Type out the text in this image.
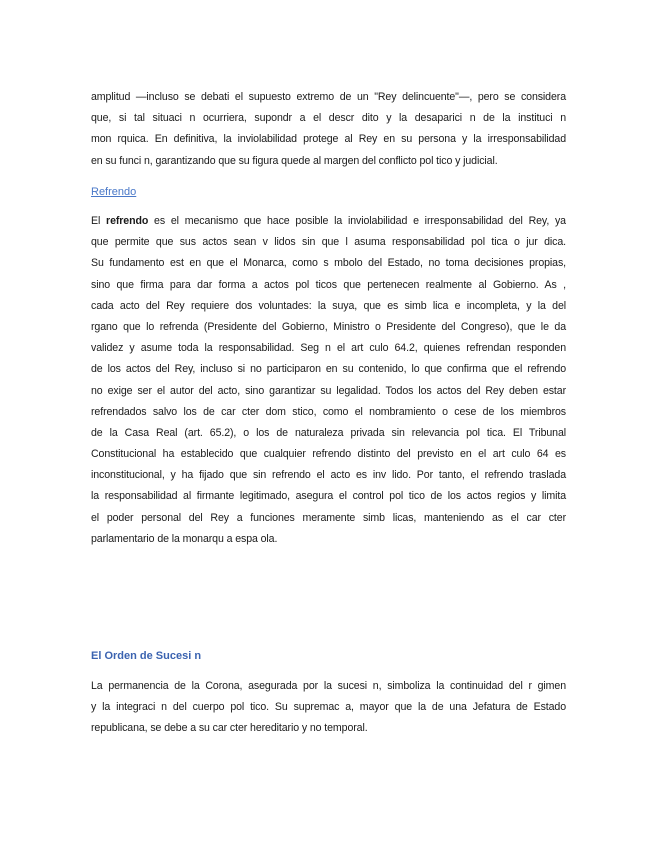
amplitud —incluso se debati el supuesto extremo de un "Rey delincuente"—, pero se considera
que, si tal situaci n ocurriera, supondr a el descr dito y la desaparici n de la instituci n
mon rquica. En definitiva, la inviolabilidad protege al Rey en su persona y la irresponsabilidad
en su funci n, garantizando que su figura quede al margen del conflicto pol tico y judicial.
Refrendo
El refrendo es el mecanismo que hace posible la inviolabilidad e irresponsabilidad del Rey, ya
que permite que sus actos sean v lidos sin que l asuma responsabilidad pol tica o jur dica.
Su fundamento est en que el Monarca, como s mbolo del Estado, no toma decisiones propias,
sino que firma para dar forma a actos pol ticos que pertenecen realmente al Gobierno. As ,
cada acto del Rey requiere dos voluntades: la suya, que es simb lica e incompleta, y la del
rgano que lo refrenda (Presidente del Gobierno, Ministro o Presidente del Congreso), que le da
validez y asume toda la responsabilidad. Seg n el art culo 64.2, quienes refrendan responden
de los actos del Rey, incluso si no participaron en su contenido, lo que confirma que el refrendo
no exige ser el autor del acto, sino garantizar su legalidad. Todos los actos del Rey deben estar
refrendados salvo los de car cter dom stico, como el nombramiento o cese de los miembros
de la Casa Real (art. 65.2), o los de naturaleza privada sin relevancia pol tica. El Tribunal
Constitucional ha establecido que cualquier refrendo distinto del previsto en el art culo 64 es
inconstitucional, y ha fijado que sin refrendo el acto es inv lido. Por tanto, el refrendo traslada
la responsabilidad al firmante legitimado, asegura el control pol tico de los actos regios y limita
el poder personal del Rey a funciones meramente simb licas, manteniendo as el car cter
parlamentario de la monarqu a espa ola.
El Orden de Sucesi n
La permanencia de la Corona, asegurada por la sucesi n, simboliza la continuidad del r gimen
y la integraci n del cuerpo pol tico. Su supremac a, mayor que la de una Jefatura de Estado
republicana, se debe a su car cter hereditario y no temporal.
